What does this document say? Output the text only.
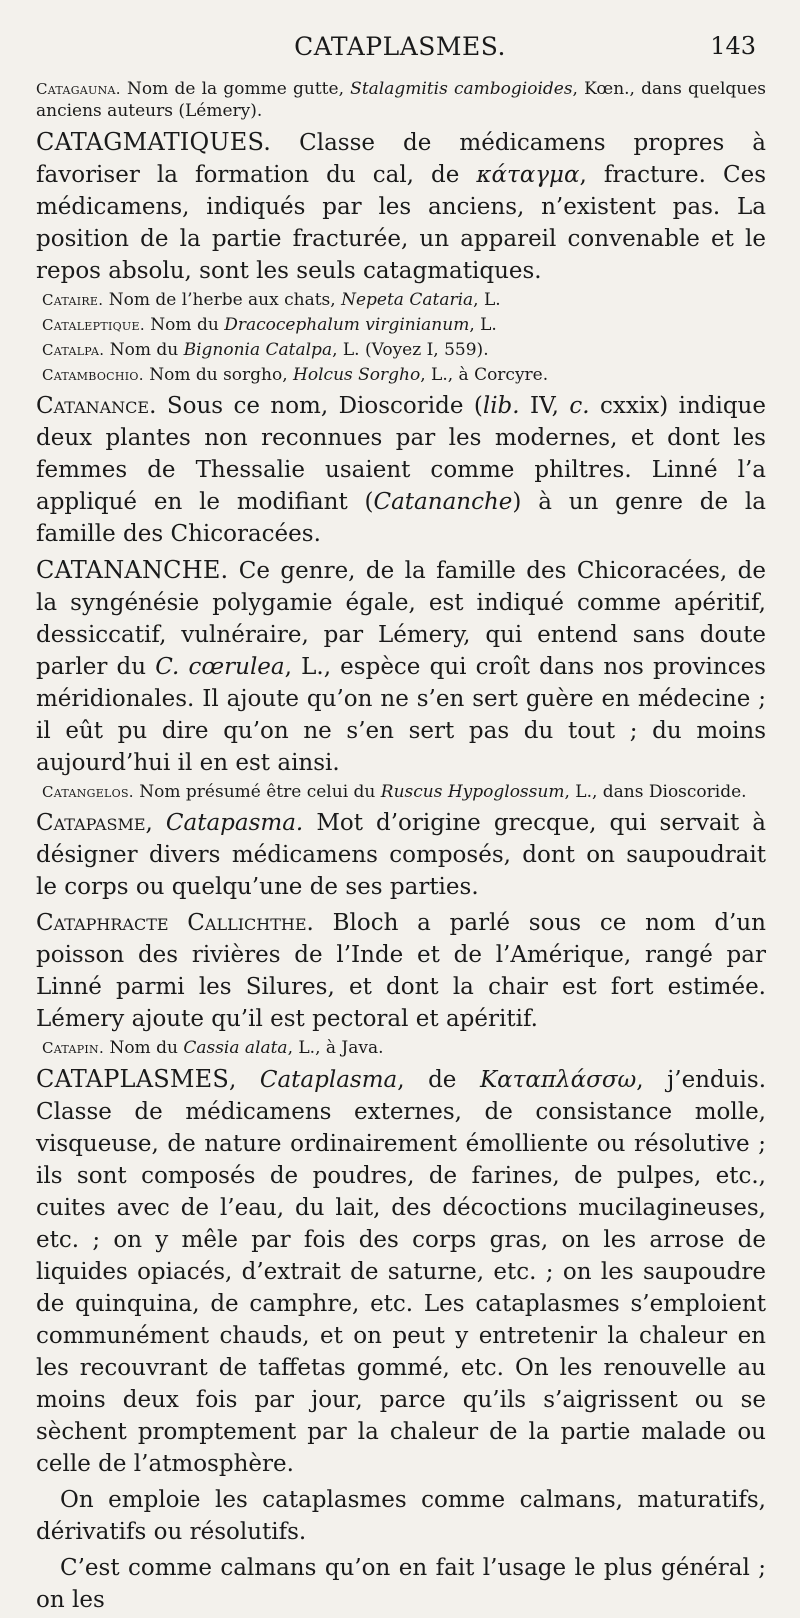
CATAPLASMES.	143

Catagauna. Nom de la gomme gutte, Stalagmitis cambogioides, Kœn., dans quelques anciens auteurs (Lémery).

CATAGMATIQUES. Classe de médicamens propres à favoriser la formation du cal, de κάταγμα, fracture. Ces médicamens, indiqués par les anciens, n’existent pas. La position de la partie fracturée, un appareil convenable et le repos absolu, sont les seuls catagmatiques.

Cataire. Nom de l’herbe aux chats, Nepeta Cataria, L.

Cataleptique. Nom du Dracocephalum virginianum, L.

Catalpa. Nom du Bignonia Catalpa, L. (Voyez I, 559).

Catambochio. Nom du sorgho, Holcus Sorgho, L., à Corcyre.

Catanance. Sous ce nom, Dioscoride (lib. IV, c. cxxix) indique deux plantes non reconnues par les modernes, et dont les femmes de Thessalie usaient comme philtres. Linné l’a appliqué en le modifiant (Catananche) à un genre de la famille des Chicoracées.

CATANANCHE. Ce genre, de la famille des Chicoracées, de la syngénésie polygamie égale, est indiqué comme apéritif, dessiccatif, vulnéraire, par Lémery, qui entend sans doute parler du C. cœrulea, L., espèce qui croît dans nos provinces méridionales. Il ajoute qu’on ne s’en sert guère en médecine ; il eût pu dire qu’on ne s’en sert pas du tout ; du moins aujourd’hui il en est ainsi.

Catangelos. Nom présumé être celui du Ruscus Hypoglossum, L., dans Dioscoride.

Catapasme, Catapasma. Mot d’origine grecque, qui servait à désigner divers médicamens composés, dont on saupoudrait le corps ou quelqu’une de ses parties.

Cataphracte Callichthe. Bloch a parlé sous ce nom d’un poisson des rivières de l’Inde et de l’Amérique, rangé par Linné parmi les Silures, et dont la chair est fort estimée. Lémery ajoute qu’il est pectoral et apéritif.

Catapin. Nom du Cassia alata, L., à Java.

CATAPLASMES, Cataplasma, de Καταπλάσσω, j’enduis. Classe de médicamens externes, de consistance molle, visqueuse, de nature ordinairement émolliente ou résolutive ; ils sont composés de poudres, de farines, de pulpes, etc., cuites avec de l’eau, du lait, des décoctions mucilagineuses, etc. ; on y mêle par fois des corps gras, on les arrose de liquides opiacés, d’extrait de saturne, etc. ; on les saupoudre de quinquina, de camphre, etc. Les cataplasmes s’emploient communément chauds, et on peut y entretenir la chaleur en les recouvrant de taffetas gommé, etc. On les renouvelle au moins deux fois par jour, parce qu’ils s’aigrissent ou se sèchent promptement par la chaleur de la partie malade ou celle de l’atmosphère.

On emploie les cataplasmes comme calmans, maturatifs, dérivatifs ou résolutifs.

C’est comme calmans qu’on en fait l’usage le plus général ; on les
